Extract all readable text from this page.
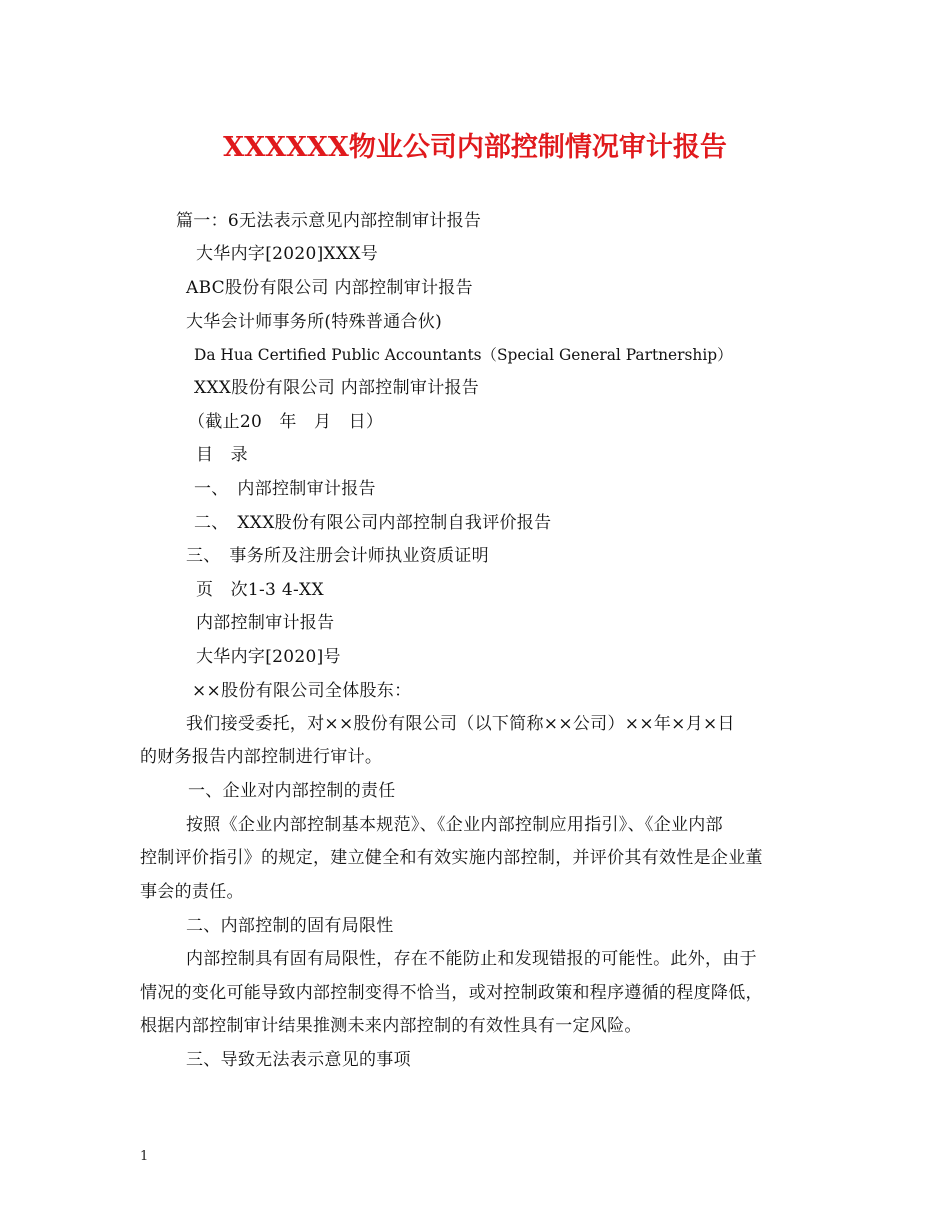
XXXXXX物业公司内部控制情况审计报告
篇一：6无法表示意见内部控制审计报告
大华内字[2020]XXX号
ABC股份有限公司 内部控制审计报告
大华会计师事务所(特殊普通合伙)
Da Hua Certified Public Accountants（Special General Partnership）
XXX股份有限公司 内部控制审计报告
（截止20　年　月　日）
目　录
一、　内部控制审计报告
二、　XXX股份有限公司内部控制自我评价报告
三、　事务所及注册会计师执业资质证明
页　次1-3 4-XX
内部控制审计报告
大华内字[2020]号
××股份有限公司全体股东：
我们接受委托，对××股份有限公司（以下简称××公司）××年×月×日
的财务报告内部控制进行审计。
一、企业对内部控制的责任
按照《企业内部控制基本规范》、《企业内部控制应用指引》、《企业内部
控制评价指引》的规定，建立健全和有效实施内部控制，并评价其有效性是企业董
事会的责任。
二、内部控制的固有局限性
内部控制具有固有局限性，存在不能防止和发现错报的可能性。此外，由于
情况的变化可能导致内部控制变得不恰当，或对控制政策和程序遵循的程度降低，
根据内部控制审计结果推测未来内部控制的有效性具有一定风险。
三、导致无法表示意见的事项
1
